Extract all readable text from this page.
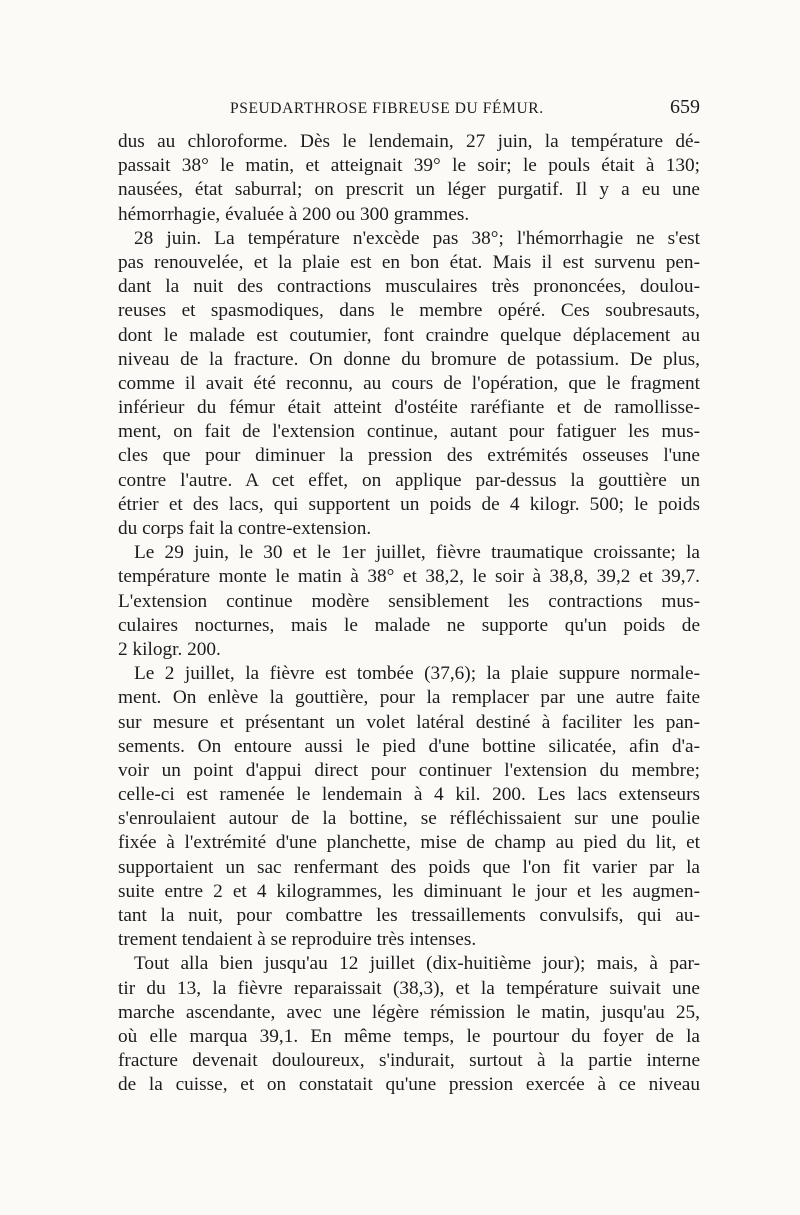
PSEUDARTHROSE FIBREUSE DU FÉMUR.	659
dus au chloroforme. Dès le lendemain, 27 juin, la température dé-
passait 38° le matin, et atteignait 39° le soir; le pouls était à 130;
nausées, état saburral; on prescrit un léger purgatif. Il y a eu une
hémorrhagie, évaluée à 200 ou 300 grammes.
28 juin. La température n'excède pas 38°; l'hémorrhagie ne s'est
pas renouvelée, et la plaie est en bon état. Mais il est survenu pen-
dant la nuit des contractions musculaires très prononcées, doulou-
reuses et spasmodiques, dans le membre opéré. Ces soubresauts,
dont le malade est coutumier, font craindre quelque déplacement au
niveau de la fracture. On donne du bromure de potassium. De plus,
comme il avait été reconnu, au cours de l'opération, que le fragment
inférieur du fémur était atteint d'ostéite raréfiante et de ramollisse-
ment, on fait de l'extension continue, autant pour fatiguer les mus-
cles que pour diminuer la pression des extrémités osseuses l'une
contre l'autre. A cet effet, on applique par-dessus la gouttière un
étrier et des lacs, qui supportent un poids de 4 kilogr. 500; le poids
du corps fait la contre-extension.
Le 29 juin, le 30 et le 1er juillet, fièvre traumatique croissante; la
température monte le matin à 38° et 38,2, le soir à 38,8, 39,2 et 39,7.
L'extension continue modère sensiblement les contractions mus-
culaires nocturnes, mais le malade ne supporte qu'un poids de
2 kilogr. 200.
Le 2 juillet, la fièvre est tombée (37,6); la plaie suppure normale-
ment. On enlève la gouttière, pour la remplacer par une autre faite
sur mesure et présentant un volet latéral destiné à faciliter les pan-
sements. On entoure aussi le pied d'une bottine silicatée, afin d'a-
voir un point d'appui direct pour continuer l'extension du membre;
celle-ci est ramenée le lendemain à 4 kil. 200. Les lacs extenseurs
s'enroulaient autour de la bottine, se réfléchissaient sur une poulie
fixée à l'extrémité d'une planchette, mise de champ au pied du lit, et
supportaient un sac renfermant des poids que l'on fit varier par la
suite entre 2 et 4 kilogrammes, les diminuant le jour et les augmen-
tant la nuit, pour combattre les tressaillements convulsifs, qui au-
trement tendaient à se reproduire très intenses.
Tout alla bien jusqu'au 12 juillet (dix-huitième jour); mais, à par-
tir du 13, la fièvre reparaissait (38,3), et la température suivait une
marche ascendante, avec une légère rémission le matin, jusqu'au 25,
où elle marqua 39,1. En même temps, le pourtour du foyer de la
fracture devenait douloureux, s'indurait, surtout à la partie interne
de la cuisse, et on constatait qu'une pression exercée à ce niveau
